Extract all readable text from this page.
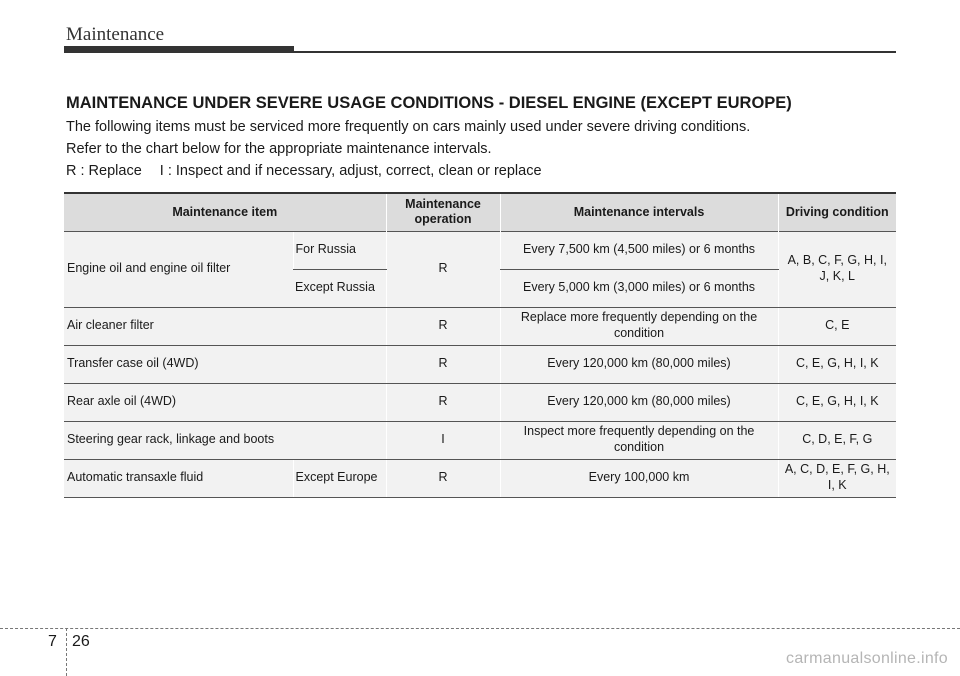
Maintenance
MAINTENANCE UNDER SEVERE USAGE CONDITIONS - DIESEL ENGINE (EXCEPT EUROPE)
The following items must be serviced more frequently on cars mainly used under severe driving conditions.
Refer to the chart below for the appropriate maintenance intervals.
R : Replace I : Inspect and if necessary, adjust, correct, clean or replace
Maintenance item		Maintenance operation	Maintenance intervals	Driving condition
Engine oil and engine oil filter	For Russia	R	Every 7,500 km (4,500 miles) or 6 months	A, B, C, F, G, H, I, J, K, L
	Except Russia		Every 5,000 km (3,000 miles) or 6 months	
Air cleaner filter		R	Replace more frequently depending on the condition	C, E
Transfer case oil (4WD)		R	Every 120,000 km (80,000 miles)	C, E, G, H, I, K
Rear axle oil (4WD)		R	Every 120,000 km (80,000 miles)	C, E, G, H, I, K
Steering gear rack, linkage and boots		I	Inspect more frequently depending on the condition	C, D, E, F, G
Automatic transaxle fluid	Except Europe	R	Every 100,000 km	A, C, D, E, F, G, H, I, K
7 26
carmanualsonline.info
